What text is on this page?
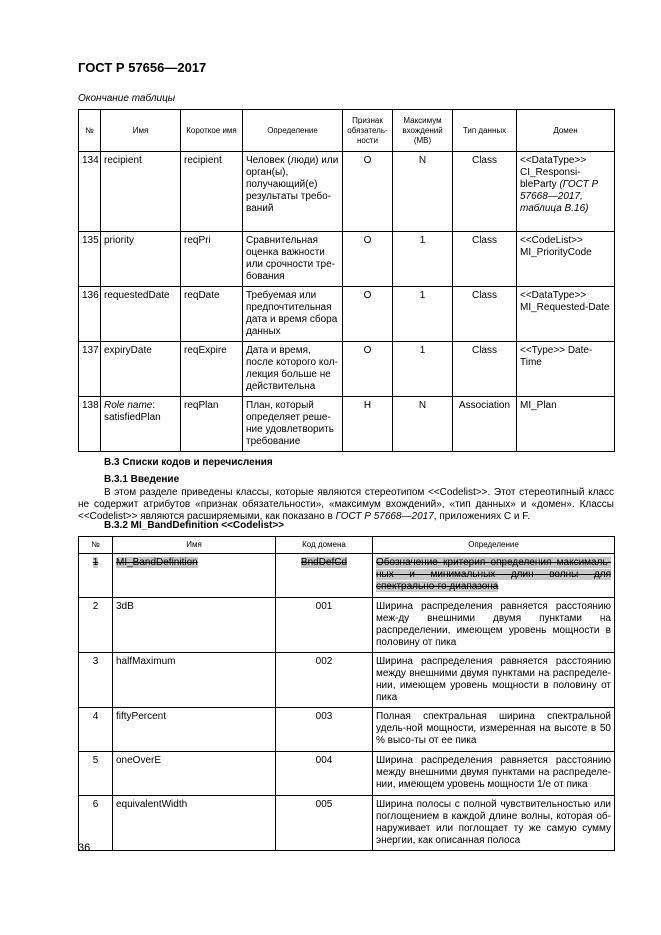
ГОСТ Р 57656—2017
Окончание таблицы
№	Имя	Короткое имя	Определение	Признак обязатель-ности	Максимум вхождений (МВ)	Тип данных	Домен
134	recipient	recipient	Человек (люди) или орган(ы), получающий(е) результаты требо-ваний	O	N	Class	<<DataType>> CI_Responsi-bleParty (ГОСТ Р 57668—2017, таблица В.16)
135	priority	reqPri	Сравнительная оценка важности или срочности тре-бования	O	1	Class	<<CodeList>> MI_PriorityCode
136	requestedDate	reqDate	Требуемая или предпочтительная дата и время сбора данных	O	1	Class	<<DataType>> MI_Requested-Date
137	expiryDate	reqExpire	Дата и время, после которого кол-лекция больше не действительна	O	1	Class	<<Type>> Date-Time
138	Role name: satisfiedPlan	reqPlan	План, который определяет реше-ние удовлетворить требование	H	N	Association	MI_Plan
В.3 Списки кодов и перечисления
В.3.1 Введение
В этом разделе приведены классы, которые являются стереотипом <<Codelist>>. Этот стереотипный класс не содержит атрибутов «признак обязательности», «максимум вхождений», «тип данных» и «домен». Классы <<Codelist>> являются расширяемыми, как показано в ГОСТ Р 57668—2017, приложениях С и F.
В.3.2 MI_BandDefinition <<Codelist>>
№	Имя	Код домена	Определение
1	MI_BandDefinition	BndDefCd	Обозначение критерия определения максималь-ных и минимальных длин волны для спектрально-го диапазона
2	3dB	001	Ширина распределения равняется расстоянию меж-ду внешними двумя пунктами на распределении, имеющем уровень мощности в половину от пика
3	halfMaximum	002	Ширина распределения равняется расстоянию между внешними двумя пунктами на распределе-нии, имеющем уровень мощности в половину от пика
4	fiftyPercent	003	Полная спектральная ширина спектральной удель-ной мощности, измеренная на высоте в 50 % высо-ты от ее пика
5	oneOverE	004	Ширина распределения равняется расстоянию между внешними двумя пунктами на распределе-нии, имеющем уровень мощности 1/е от пика
6	equivalentWidth	005	Ширина полосы с полной чувствительностью или поглощением в каждой длине волны, которая об-наруживает или поглощает ту же самую сумму энергии, как описанная полоса
36
